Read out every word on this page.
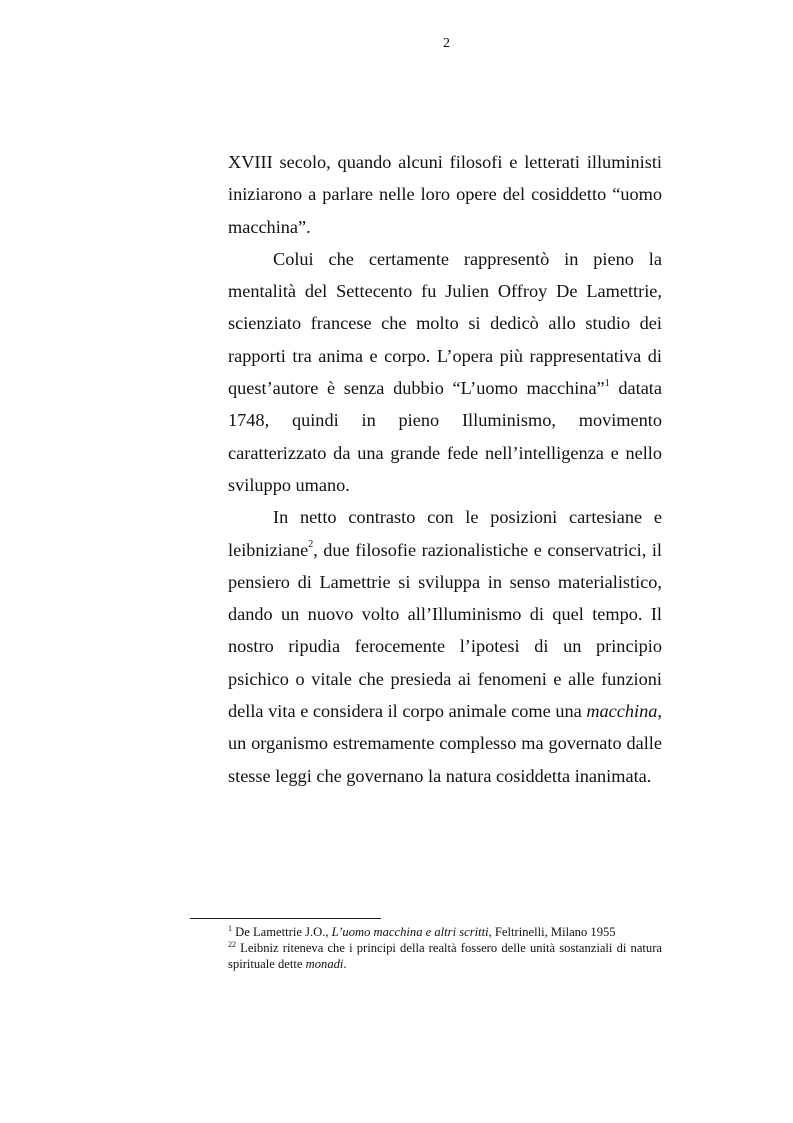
2

XVIII secolo, quando alcuni filosofi e letterati illuministi iniziarono a parlare nelle loro opere del cosiddetto “uomo macchina”.

Colui che certamente rappresentò in pieno la mentalità del Settecento fu Julien Offroy De Lamettrie, scienziato francese che molto si dedicò allo studio dei rapporti tra anima e corpo. L’opera più rappresentativa di quest’autore è senza dubbio “L’uomo macchina”$^1$ datata 1748, quindi in pieno Illuminismo, movimento caratterizzato da una grande fede nell’intelligenza e nello sviluppo umano.

In netto contrasto con le posizioni cartesiane e leibniziane$^2$, due filosofie razionalistiche e conservatrici, il pensiero di Lamettrie si sviluppa in senso materialistico, dando un nuovo volto all’Illuminismo di quel tempo. Il nostro ripudia ferocemente l’ipotesi di un principio psichico o vitale che presieda ai fenomeni e alle funzioni della vita e considera il corpo animale come una macchina, un organismo estremamente complesso ma governato dalle stesse leggi che governano la natura cosiddetta inanimata.

$^1$ De Lamettrie J.O., L’uomo macchina e altri scritti, Feltrinelli, Milano 1955

$^{22}$ Leibniz riteneva che i principi della realtà fossero delle unità sostanziali di natura spirituale dette monadi.
